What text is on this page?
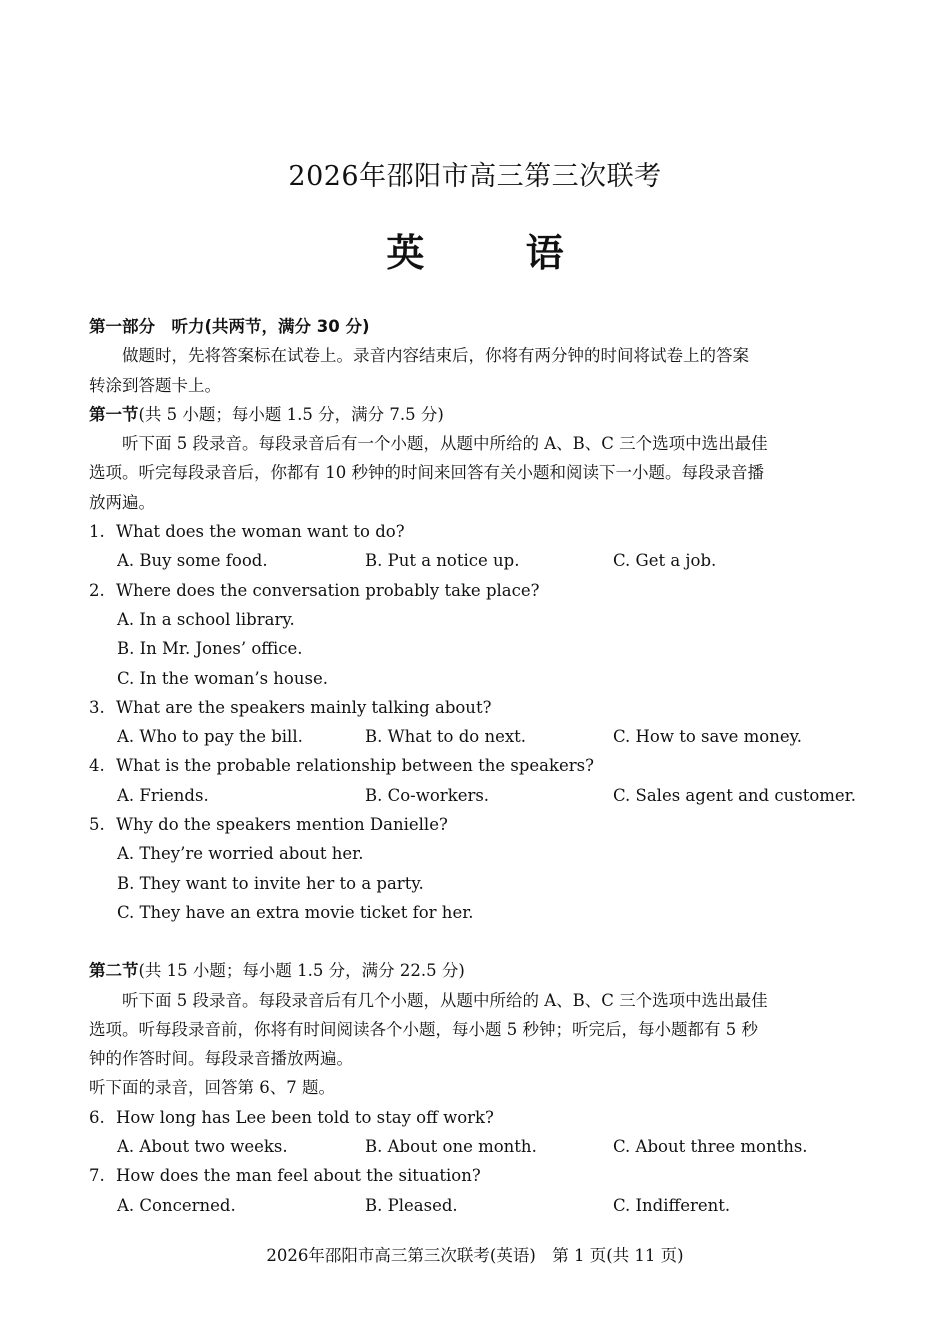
2026年邵阳市高三第三次联考
英 语
第一部分　听力(共两节，满分 30 分)
做题时，先将答案标在试卷上。录音内容结束后，你将有两分钟的时间将试卷上的答案
转涂到答题卡上。
第一节(共 5 小题；每小题 1.5 分，满分 7.5 分)
听下面 5 段录音。每段录音后有一个小题，从题中所给的 A、B、C 三个选项中选出最佳
选项。听完每段录音后，你都有 10 秒钟的时间来回答有关小题和阅读下一小题。每段录音播
放两遍。
1. What does the woman want to do?
A. Buy some food.	B. Put a notice up.	C. Get a job.
2. Where does the conversation probably take place?
A. In a school library.
B. In Mr. Jones’ office.
C. In the woman’s house.
3. What are the speakers mainly talking about?
A. Who to pay the bill.	B. What to do next.	C. How to save money.
4. What is the probable relationship between the speakers?
A. Friends.	B. Co-workers.	C. Sales agent and customer.
5. Why do the speakers mention Danielle?
A. They’re worried about her.
B. They want to invite her to a party.
C. They have an extra movie ticket for her.
第二节(共 15 小题；每小题 1.5 分，满分 22.5 分)
听下面 5 段录音。每段录音后有几个小题，从题中所给的 A、B、C 三个选项中选出最佳
选项。听每段录音前，你将有时间阅读各个小题，每小题 5 秒钟；听完后，每小题都有 5 秒
钟的作答时间。每段录音播放两遍。
听下面的录音，回答第 6、7 题。
6. How long has Lee been told to stay off work?
A. About two weeks.	B. About one month.	C. About three months.
7. How does the man feel about the situation?
A. Concerned.	B. Pleased.	C. Indifferent.
2026年邵阳市高三第三次联考(英语)　第 1 页(共 11 页)
